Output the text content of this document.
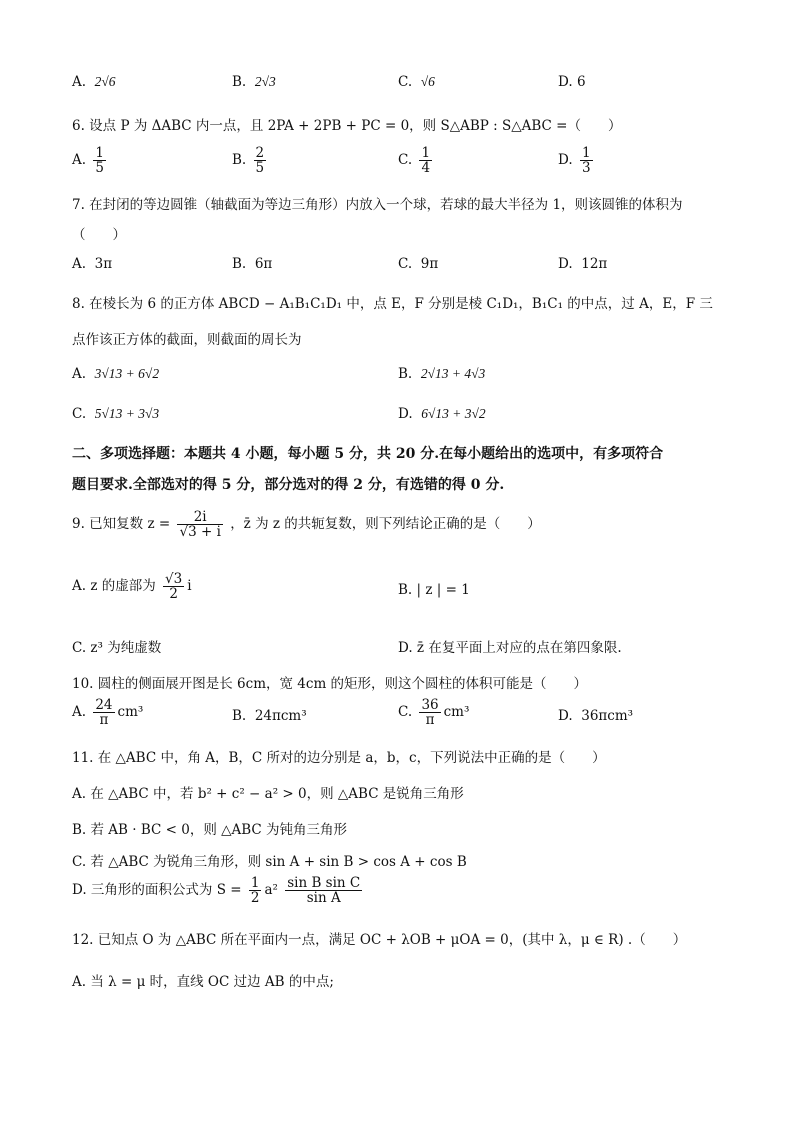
A. 2√6	B. 2√3	C. √6	D. 6
6. 设点 P 为 ΔABC 内一点，且 2PA + 2PB + PC = 0，则 S△ABP : S△ABC =（　　）
A. $\frac{1}{5}$	B. $\frac{2}{5}$	C. $\frac{1}{4}$	D. $\frac{1}{3}$
7. 在封闭的等边圆锥（轴截面为等边三角形）内放入一个球，若球的最大半径为 1，则该圆锥的体积为
（　　）
A. 3π	B. 6π	C. 9π	D. 12π
8. 在棱长为 6 的正方体 ABCD − A₁B₁C₁D₁ 中，点 E，F 分别是棱 C₁D₁，B₁C₁ 的中点，过 A，E，F 三
点作该正方体的截面，则截面的周长为
A. 3√13 + 6√2	B. 2√13 + 4√3
C. 5√13 + 3√3	D. 6√13 + 3√2
二、多项选择题：本题共 4 小题，每小题 5 分，共 20 分.在每小题给出的选项中，有多项符合
题目要求.全部选对的得 5 分，部分选对的得 2 分，有选错的得 0 分.
9. 已知复数 $z = \frac{2i}{√3 + i}$ ，z̄ 为 z 的共轭复数，则下列结论正确的是（　　）
A. z 的虚部为 $\frac{√3}{2}$ i	B. | z | = 1
C. z³ 为纯虚数	D. z̄ 在复平面上对应的点在第四象限.
10. 圆柱的侧面展开图是长 6cm，宽 4cm 的矩形，则这个圆柱的体积可能是（　　）
A. $\frac{24}{\pi} cm^3$	B. 24πcm³	C. $\frac{36}{\pi} cm^3$	D. 36πcm³
11. 在 △ABC 中，角 A，B，C 所对的边分别是 a，b，c，下列说法中正确的是（　　）
A. 在 △ABC 中，若 b² + c² − a² > 0，则 △ABC 是锐角三角形
B. 若 AB · BC < 0，则 △ABC 为钝角三角形
C. 若 △ABC 为锐角三角形，则 sin A + sin B > cos A + cos B
D. 三角形的面积公式为 $S = \frac{1}{2} a^2 \frac{\text{sin B sin C}}{\text{sin A}}$
12. 已知点 O 为 △ABC 所在平面内一点，满足 OC + λOB + μOA = 0，(其中 λ，μ ∈ R) .（　　）
A. 当 λ = μ 时，直线 OC 过边 AB 的中点;
